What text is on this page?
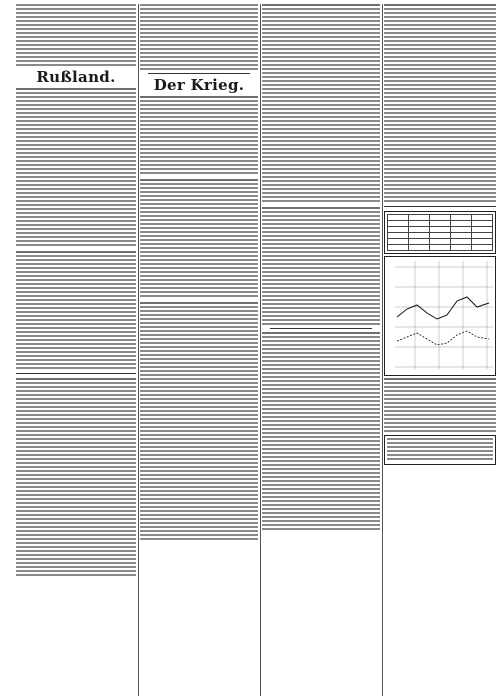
Rußland.	Der Krieg.
